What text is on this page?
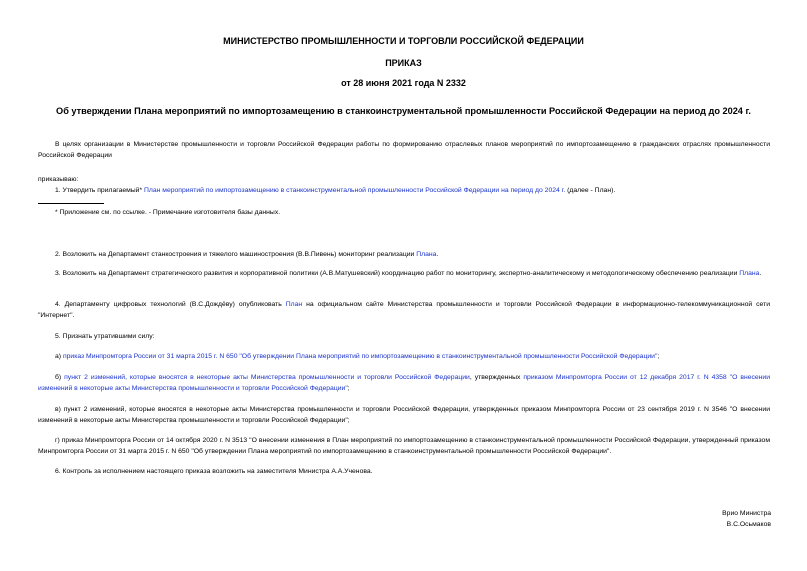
МИНИСТЕРСТВО ПРОМЫШЛЕННОСТИ И ТОРГОВЛИ РОССИЙСКОЙ ФЕДЕРАЦИИ
ПРИКАЗ
от 28 июня 2021 года N 2332
Об утверждении Плана мероприятий по импортозамещению в станкоинструментальной промышленности Российской Федерации на период до 2024 г.
В целях организации в Министерстве промышленности и торговли Российской Федерации работы по формированию отраслевых планов мероприятий по импортозамещению в гражданских отраслях промышленности Российской Федерации
приказываю:
1. Утвердить прилагаемый* План мероприятий по импортозамещению в станкоинструментальной промышленности Российской Федерации на период до 2024 г. (далее - План).
* Приложение см. по ссылке. - Примечание изготовителя базы данных.
2. Возложить на Департамент станкостроения и тяжелого машиностроения (В.В.Пивень) мониторинг реализации Плана.
3. Возложить на Департамент стратегического развития и корпоративной политики (А.В.Матушевский) координацию работ по мониторингу, экспертно-аналитическому и методологическому обеспечению реализации Плана.
4. Департаменту цифровых технологий (В.С.Дождёву) опубликовать План на официальном сайте Министерства промышленности и торговли Российской Федерации в информационно-телекоммуникационной сети "Интернет".
5. Признать утратившими силу:
а) приказ Минпромторга России от 31 марта 2015 г. N 650 "Об утверждении Плана мероприятий по импортозамещению в станкоинструментальной промышленности Российской Федерации";
б) пункт 2 изменений, которые вносятся в некоторые акты Министерства промышленности и торговли Российской Федерации, утвержденных приказом Минпромторга России от 12 декабря 2017 г. N 4358 "О внесении изменений в некоторые акты Министерства промышленности и торговли Российской Федерации";
в) пункт 2 изменений, которые вносятся в некоторые акты Министерства промышленности и торговли Российской Федерации, утвержденных приказом Минпромторга России от 23 сентября 2019 г. N 3546 "О внесении изменений в некоторые акты Министерства промышленности и торговли Российской Федерации";
г) приказ Минпромторга России от 14 октября 2020 г. N 3513 "О внесении изменения в План мероприятий по импортозамещению в станкоинструментальной промышленности Российской Федерации, утвержденный приказом Минпромторга России от 31 марта 2015 г. N 650 "Об утверждении Плана мероприятий по импортозамещению в станкоинструментальной промышленности Российской Федерации".
6. Контроль за исполнением настоящего приказа возложить на заместителя Министра А.А.Ученова.
Врио Министра
В.С.Осьмаков
